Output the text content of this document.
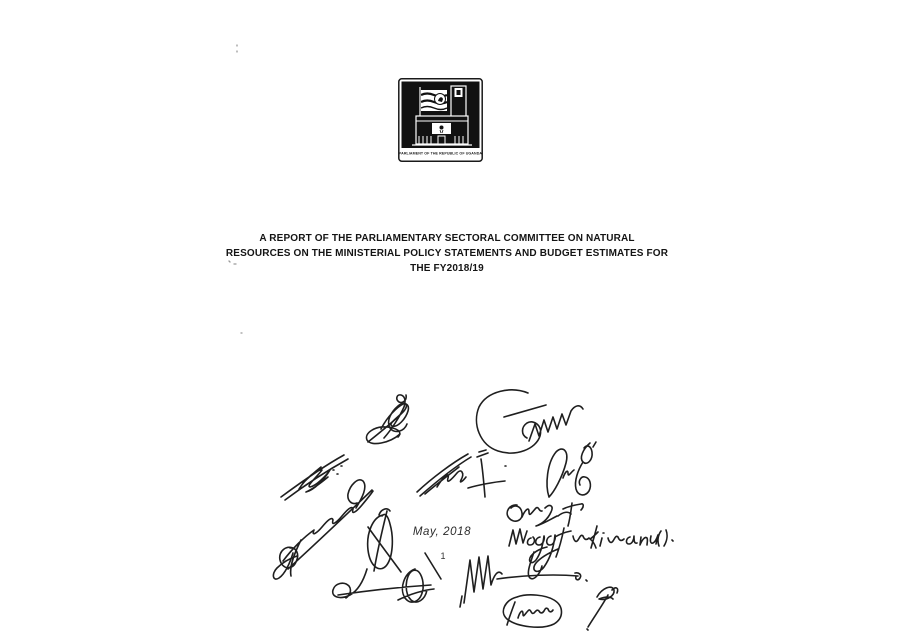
PARLIAMENT OF THE REPUBLIC OF UGANDA
A REPORT OF THE PARLIAMENTARY SECTORAL COMMITTEE ON NATURAL
RESOURCES ON THE MINISTERIAL POLICY STATEMENTS AND BUDGET ESTIMATES FOR
THE FY2018/19
May, 2018
1
